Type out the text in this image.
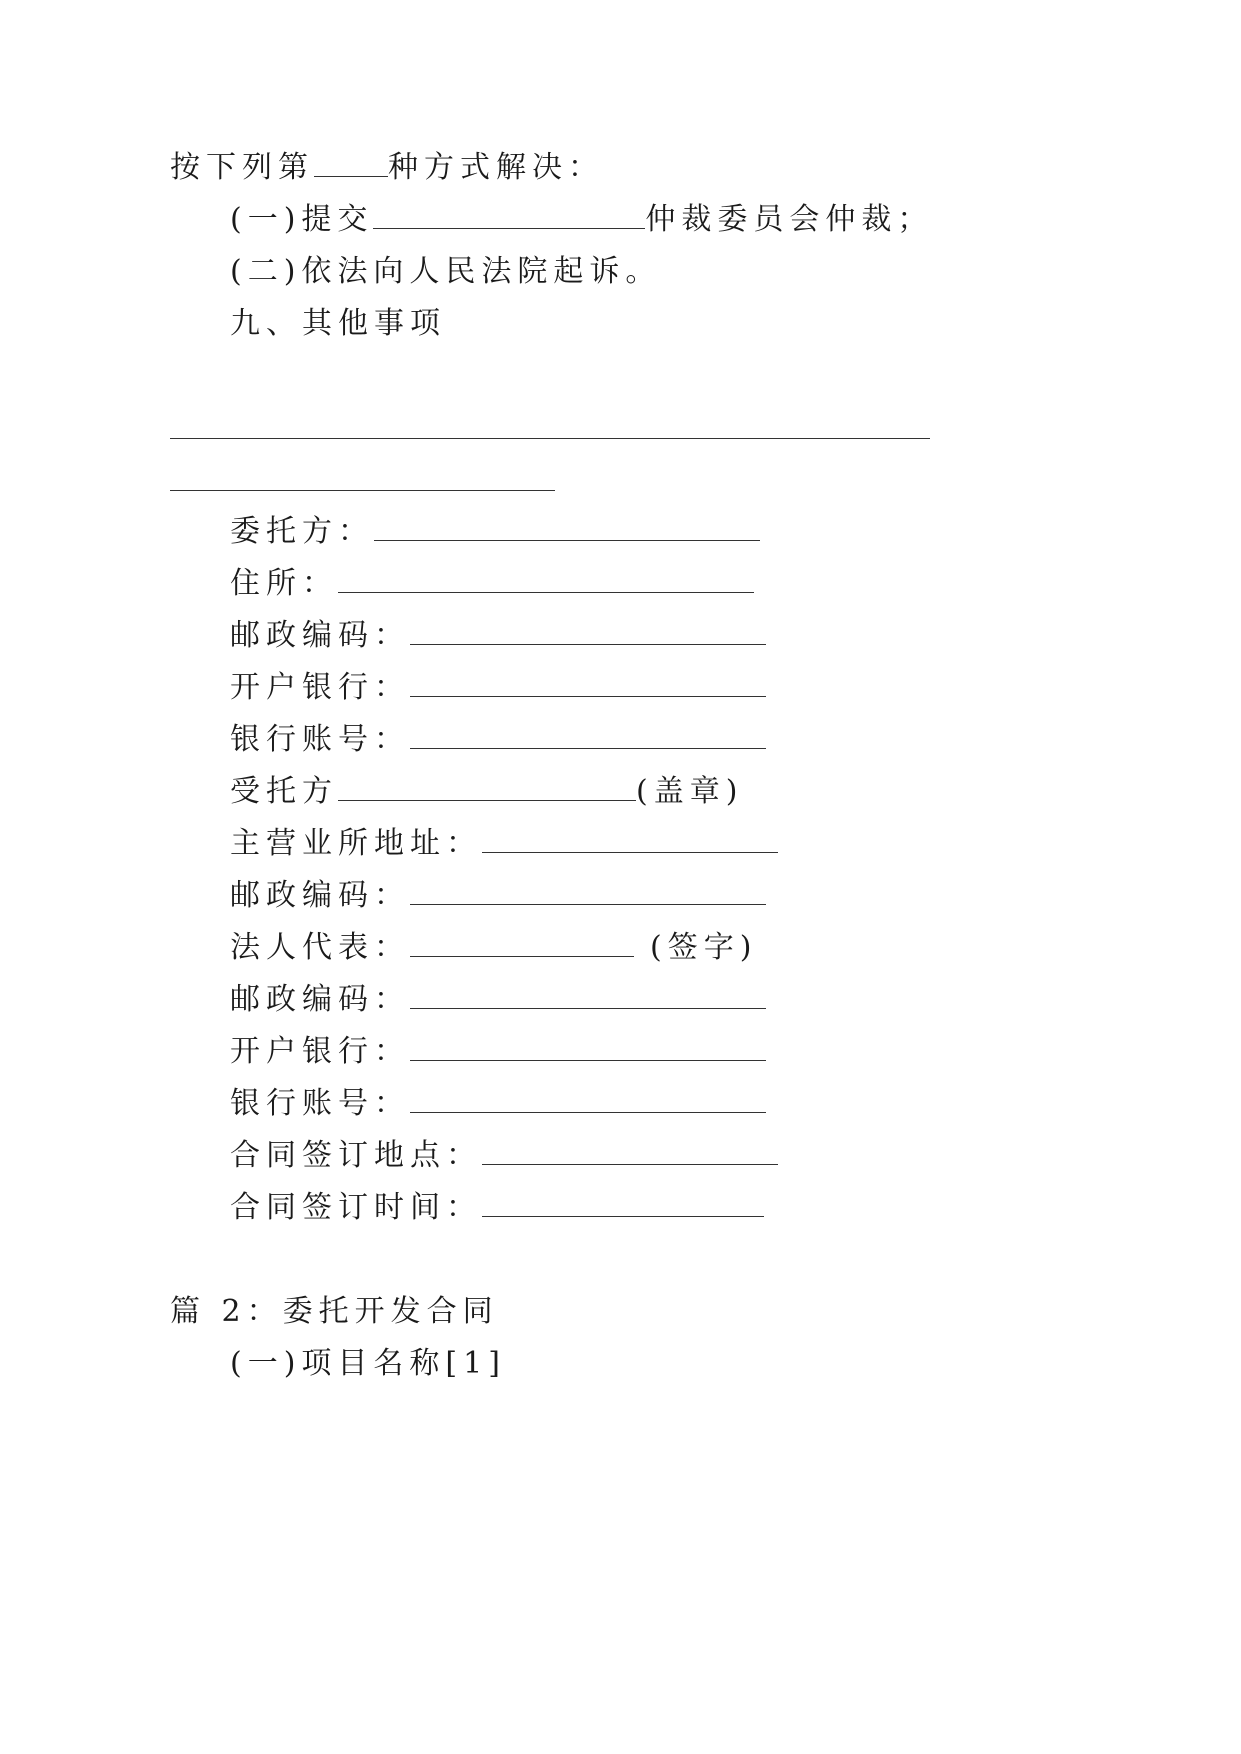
按下列第 种方式解决：
(一)提交	仲裁委员会仲裁；
(二)依法向人民法院起诉。
九、其他事项
委托方：
住所：
邮政编码：
开户银行：
银行账号：
受托方	(盖章)
主营业所地址：
邮政编码：
法人代表：	(签字)
邮政编码：
开户银行：
银行账号：
合同签订地点：
合同签订时间：
篇 2：委托开发合同
(一)项目名称[1]
